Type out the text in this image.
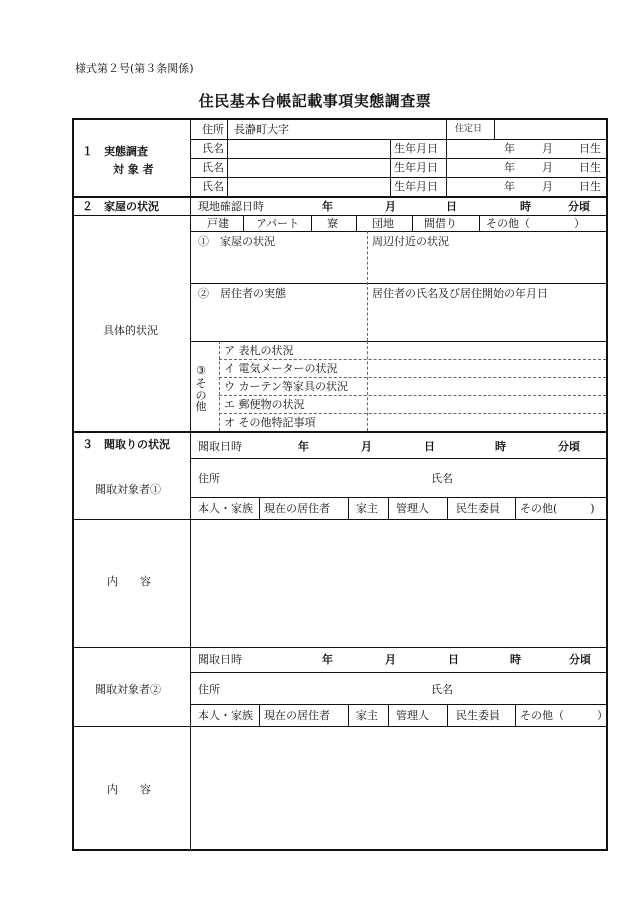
様式第２号(第３条関係)
住民基本台帳記載事項実態調査票
１　実態調査
対 象 者
住所 長瀞町大字	住定日
氏名	生年月日	年 月 日生
氏名	生年月日	年 月 日生
氏名	生年月日	年 月 日生
２　家屋の状況	現地確認日時	年	月	日	時	分頃
戸建 アパート	寮	団地	間借り	その他（　　　　）
具体的状況
①　家屋の状況	周辺付近の状況
②　居住者の実態	居住者の氏名及び居住開始の年月日
③
その他
ア 表札の状況
イ 電気メーターの状況
ウ カーテン等家具の状況
エ 郵便物の状況
オ その他特記事項
３　聞取りの状況	聞取日時	年	月	日	時	分頃
聞取対象者①
住所	氏名
本人・家族 現在の居住者 家主 管理人 民生委員 その他(　　　)
内　　容
聞取日時	年	月	日	時	分頃
聞取対象者②	住所	氏名
本人・家族 現在の居住者 家主 管理人 民生委員 その他（　　　）
内　　容
